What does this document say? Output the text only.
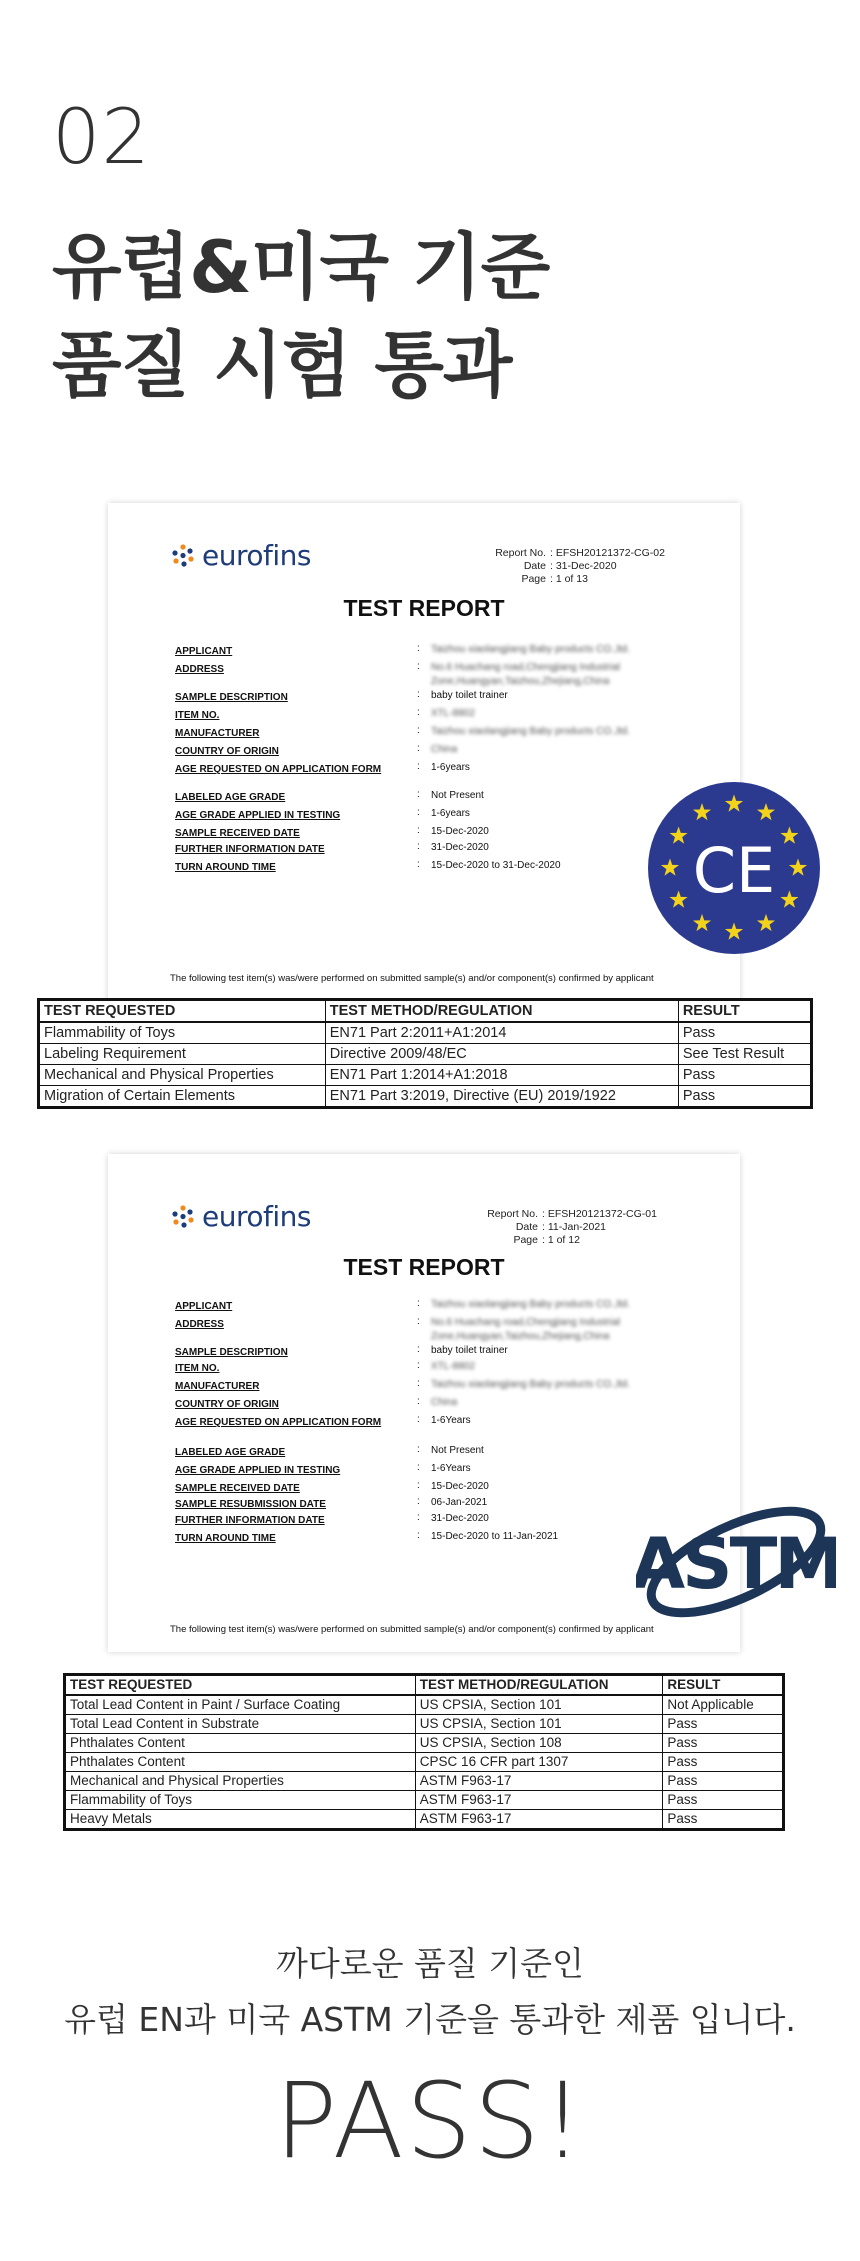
02
유럽&미국 기준
품질 시험 통과
eurofins	Report No. : EFSH20121372-CG-02
Date : 31-Dec-2020
Page : 1 of 13
TEST REPORT
APPLICANT	: Taizhou xiaolangjiang Baby products CO.,ltd.
ADDRESS	: No.6 Huachang road,Chengjiang Industrial Zone,Huangyan,Taizhou,Zhejiang,China
SAMPLE DESCRIPTION	: baby toilet trainer
ITEM NO.	: XTL-8802
MANUFACTURER	: Taizhou xiaolangjiang Baby products CO.,ltd.
COUNTRY OF ORIGIN	: China
AGE REQUESTED ON APPLICATION FORM	: 1-6years
LABELED AGE GRADE	: Not Present
AGE GRADE APPLIED IN TESTING	: 1-6years
SAMPLE RECEIVED DATE	: 15-Dec-2020
FURTHER INFORMATION DATE	: 31-Dec-2020
TURN AROUND TIME	: 15-Dec-2020 to 31-Dec-2020
The following test item(s) was/were performed on submitted sample(s) and/or component(s) confirmed by applicant
TEST REQUESTED	TEST METHOD/REGULATION	RESULT
Flammability of Toys	EN71 Part 2:2011+A1:2014	Pass
Labeling Requirement	Directive 2009/48/EC	See Test Result
Mechanical and Physical Properties	EN71 Part 1:2014+A1:2018	Pass
Migration of Certain Elements	EN71 Part 3:2019, Directive (EU) 2019/1922	Pass
CE
eurofins	Report No. : EFSH20121372-CG-01
Date : 11-Jan-2021
Page : 1 of 12
TEST REPORT
APPLICANT	: Taizhou xiaolangjiang Baby products CO.,ltd.
ADDRESS	: No.6 Huachang road,Chengjiang Industrial Zone,Huangyan,Taizhou,Zhejiang,China
SAMPLE DESCRIPTION	: baby toilet trainer
ITEM NO.	: XTL-8802
MANUFACTURER	: Taizhou xiaolangjiang Baby products CO.,ltd.
COUNTRY OF ORIGIN	: China
AGE REQUESTED ON APPLICATION FORM	: 1-6Years
LABELED AGE GRADE	: Not Present
AGE GRADE APPLIED IN TESTING	: 1-6Years
SAMPLE RECEIVED DATE	: 15-Dec-2020
SAMPLE RESUBMISSION DATE	: 06-Jan-2021
FURTHER INFORMATION DATE	: 31-Dec-2020
TURN AROUND TIME	: 15-Dec-2020 to 11-Jan-2021
The following test item(s) was/were performed on submitted sample(s) and/or component(s) confirmed by applicant
TEST REQUESTED	TEST METHOD/REGULATION	RESULT
Total Lead Content in Paint / Surface Coating	US CPSIA, Section 101	Not Applicable
Total Lead Content in Substrate	US CPSIA, Section 101	Pass
Phthalates Content	US CPSIA, Section 108	Pass
Phthalates Content	CPSC 16 CFR part 1307	Pass
Mechanical and Physical Properties	ASTM F963-17	Pass
Flammability of Toys	ASTM F963-17	Pass
Heavy Metals	ASTM F963-17	Pass
ASTM
까다로운 품질 기준인
유럽 EN과 미국 ASTM 기준을 통과한 제품 입니다.
PASS!
